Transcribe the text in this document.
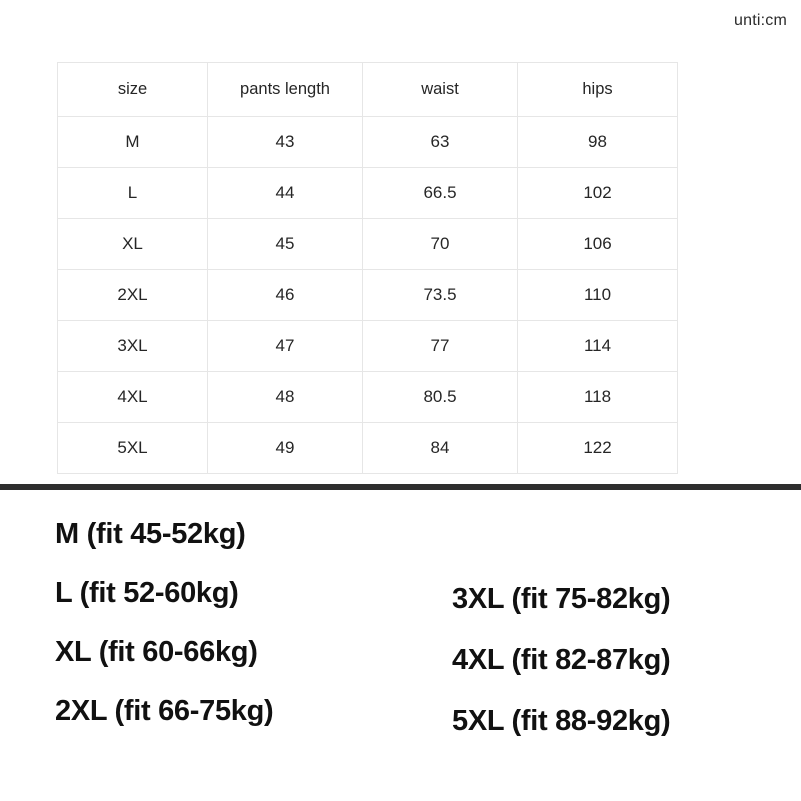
unti:cm
size	pants length	waist	hips
M	43	63	98
L	44	66.5	102
XL	45	70	106
2XL	46	73.5	110
3XL	47	77	114
4XL	48	80.5	118
5XL	49	84	122
M (fit 45-52kg)
L (fit 52-60kg)
XL (fit 60-66kg)
2XL (fit 66-75kg)
3XL (fit 75-82kg)
4XL (fit 82-87kg)
5XL (fit 88-92kg)
